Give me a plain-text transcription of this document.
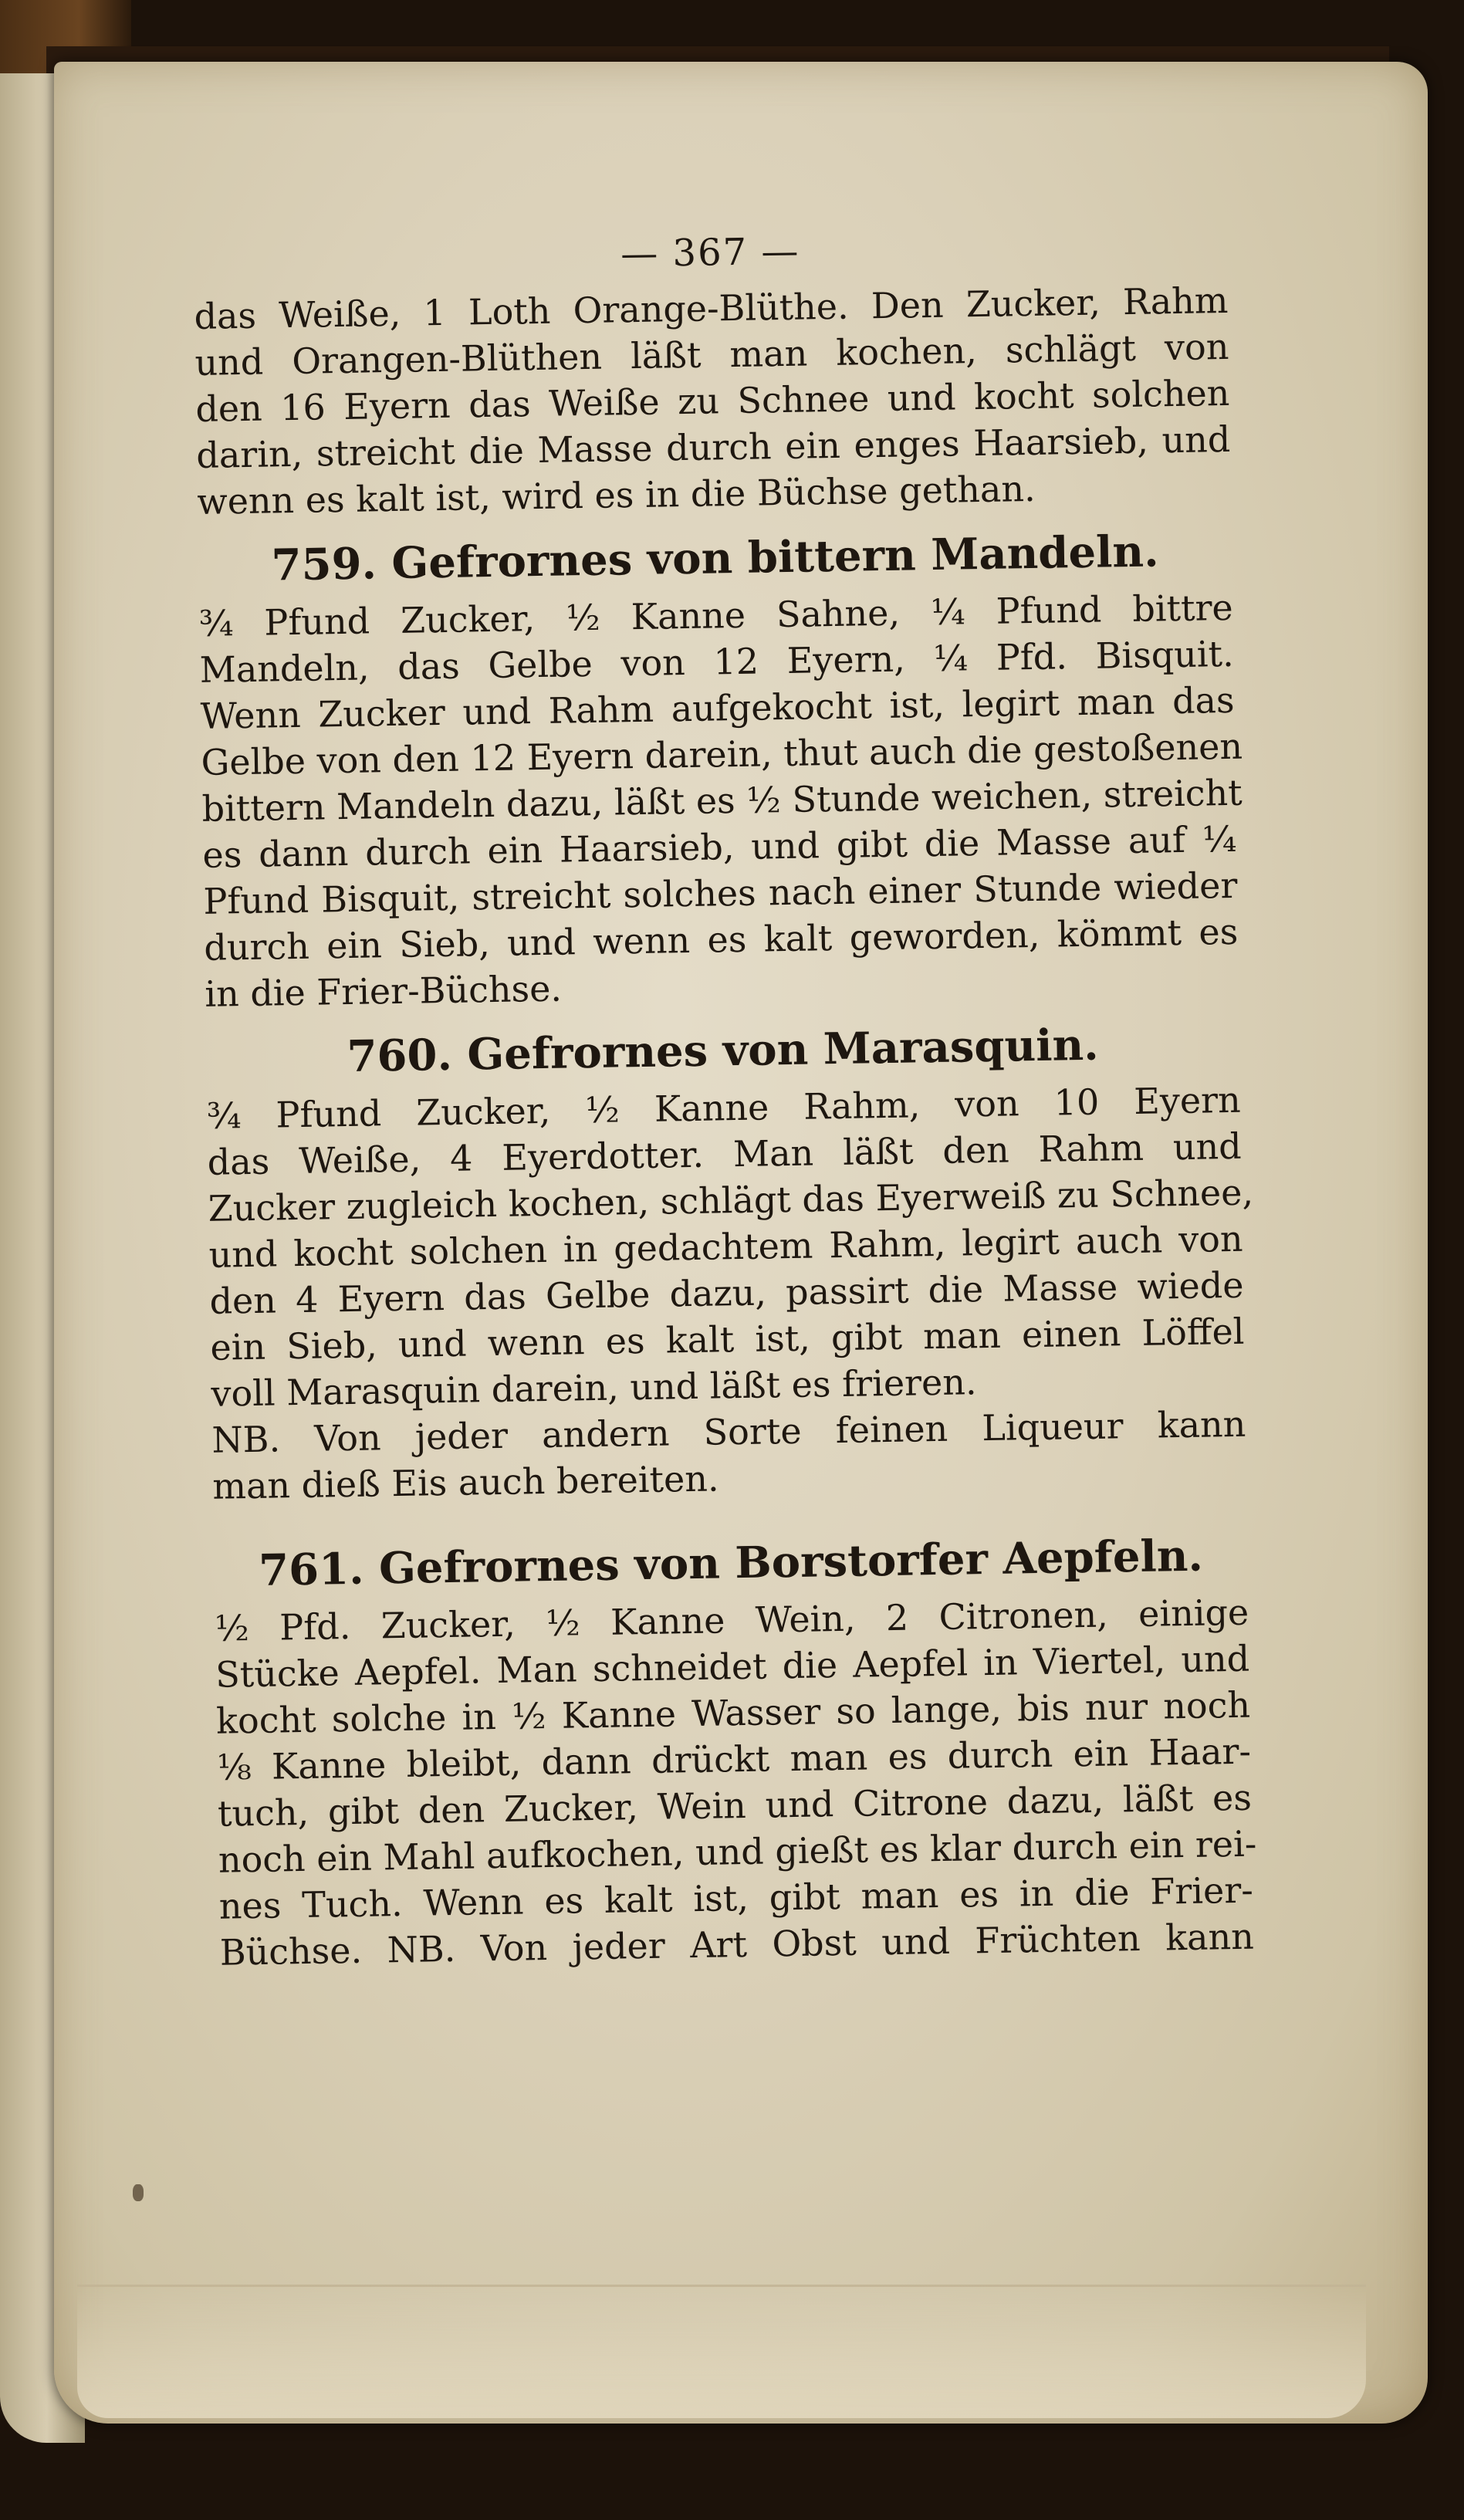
— 367 —
das Weiße, 1 Loth Orange-Blüthe. Den Zucker, Rahm
und Orangen-Blüthen läßt man kochen, schlägt von
den 16 Eyern das Weiße zu Schnee und kocht solchen
darin, streicht die Masse durch ein enges Haarsieb, und
wenn es kalt ist, wird es in die Büchse gethan.
759. Gefrornes von bittern Mandeln.
¾ Pfund Zucker, ½ Kanne Sahne, ¼ Pfund bittre
Mandeln, das Gelbe von 12 Eyern, ¼ Pfd. Bisquit.
Wenn Zucker und Rahm aufgekocht ist, legirt man das
Gelbe von den 12 Eyern darein, thut auch die gestoßenen
bittern Mandeln dazu, läßt es ½ Stunde weichen, streicht
es dann durch ein Haarsieb, und gibt die Masse auf ¼
Pfund Bisquit, streicht solches nach einer Stunde wieder
durch ein Sieb, und wenn es kalt geworden, kömmt es
in die Frier-Büchse.
760. Gefrornes von Marasquin.
¾ Pfund Zucker, ½ Kanne Rahm, von 10 Eyern
das Weiße, 4 Eyerdotter. Man läßt den Rahm und
Zucker zugleich kochen, schlägt das Eyerweiß zu Schnee,
und kocht solchen in gedachtem Rahm, legirt auch von
den 4 Eyern das Gelbe dazu, passirt die Masse wiede
ein Sieb, und wenn es kalt ist, gibt man einen Löffel
voll Marasquin darein, und läßt es frieren.
NB. Von jeder andern Sorte feinen Liqueur kann
man dieß Eis auch bereiten.
761. Gefrornes von Borstorfer Aepfeln.
½ Pfd. Zucker, ½ Kanne Wein, 2 Citronen, einige
Stücke Aepfel. Man schneidet die Aepfel in Viertel, und
kocht solche in ½ Kanne Wasser so lange, bis nur noch
⅛ Kanne bleibt, dann drückt man es durch ein Haar-
tuch, gibt den Zucker, Wein und Citrone dazu, läßt es
noch ein Mahl aufkochen, und gießt es klar durch ein rei-
nes Tuch. Wenn es kalt ist, gibt man es in die Frier-
Büchse. NB. Von jeder Art Obst und Früchten kann
